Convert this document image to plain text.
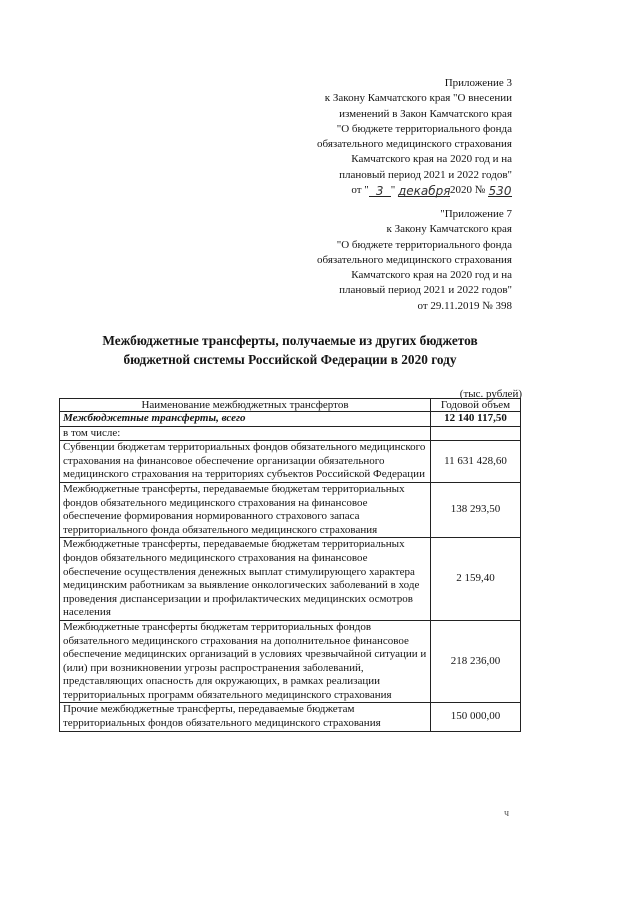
Приложение 3
к Закону Камчатского края "О внесении
изменений в Закон Камчатского края
"О бюджете территориального фонда
обязательного медицинского страхования
Камчатского края на 2020 год и на
плановый период 2021 и 2022 годов"
от " 3 " декабря2020 № 530
"Приложение 7
к Закону Камчатского края
"О бюджете территориального фонда
обязательного медицинского страхования
Камчатского края на 2020 год и на
плановый период 2021 и 2022 годов"
от 29.11.2019 № 398
Межбюджетные трансферты, получаемые из других бюджетов
бюджетной системы Российской Федерации в 2020 году
(тыс. рублей)
Наименование межбюджетных трансфертов	Годовой объем
Межбюджетные трансферты, всего	12 140 117,50
в том числе:	
Субвенции бюджетам территориальных фондов обязательного медицинского страхования на финансовое обеспечение организации обязательного медицинского страхования на территориях субъектов Российской Федерации	11 631 428,60
Межбюджетные трансферты, передаваемые бюджетам территориальных фондов обязательного медицинского страхования на финансовое обеспечение формирования нормированного страхового запаса территориального фонда обязательного медицинского страхования	138 293,50
Межбюджетные трансферты, передаваемые бюджетам территориальных фондов обязательного медицинского страхования на финансовое обеспечение осуществления денежных выплат стимулирующего характера медицинским работникам за выявление онкологических заболеваний в ходе проведения диспансеризации и профилактических медицинских осмотров населения	2 159,40
Межбюджетные трансферты бюджетам территориальных фондов обязательного медицинского страхования на дополнительное финансовое обеспечение медицинских организаций в условиях чрезвычайной ситуации и (или) при возникновении угрозы распространения заболеваний, представляющих опасность для окружающих, в рамках реализации территориальных программ обязательного медицинского страхования	218 236,00
Прочие межбюджетные трансферты, передаваемые бюджетам территориальных фондов обязательного медицинского страхования	150 000,00
ч
